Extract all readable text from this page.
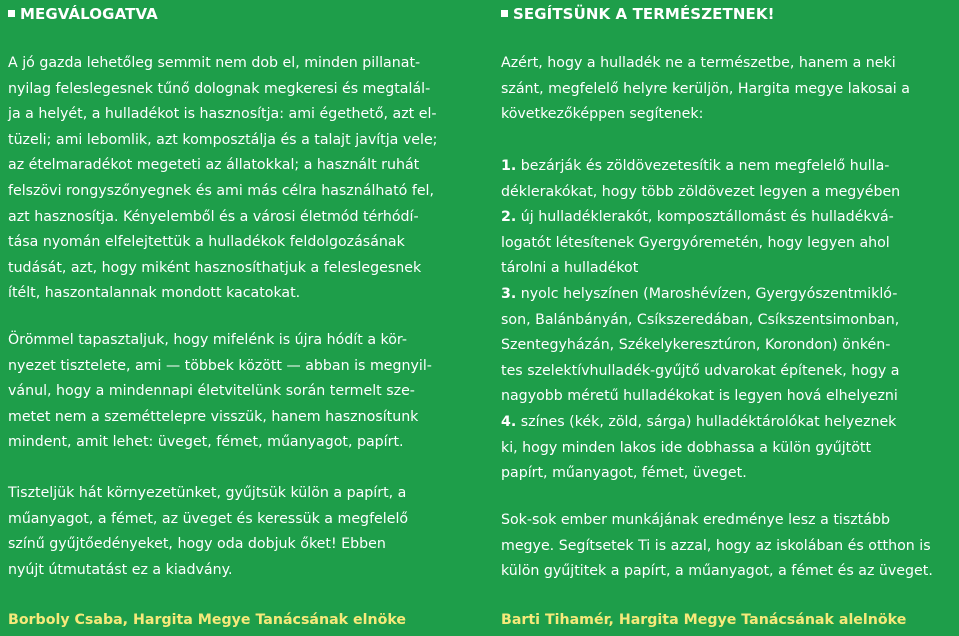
MEGVÁLOGATVA
A jó gazda lehetőleg semmit nem dob el, minden pillanat-
nyilag feleslegesnek tűnő dolognak megkeresi és megtalál-
ja a helyét, a hulladékot is hasznosítja: ami égethető, azt el-
tüzeli; ami lebomlik, azt komposztálja és a talajt javítja vele;
az ételmaradékot megeteti az állatokkal; a használt ruhát
felszövi rongyszőnyegnek és ami más célra használható fel,
azt hasznosítja. Kényelemből és a városi életmód térhódí-
tása nyomán elfelejtettük a hulladékok feldolgozásának
tudását, azt, hogy miként hasznosíthatjuk a feleslegesnek
ítélt, haszontalannak mondott kacatokat.
Örömmel tapasztaljuk, hogy mifelénk is újra hódít a kör-
nyezet tisztelete, ami — többek között — abban is megnyil-
vánul, hogy a mindennapi életvitelünk során termelt sze-
metet nem a szeméttelepre visszük, hanem hasznosítunk
mindent, amit lehet: üveget, fémet, műanyagot, papírt.
Tiszteljük hát környezetünket, gyűjtsük külön a papírt, a
műanyagot, a fémet, az üveget és keressük a megfelelő
színű gyűjtőedényeket, hogy oda dobjuk őket! Ebben
nyújt útmutatást ez a kiadvány.
Borboly Csaba, Hargita Megye Tanácsának elnöke
SEGÍTSÜNK A TERMÉSZETNEK!
Azért, hogy a hulladék ne a természetbe, hanem a neki
szánt, megfelelő helyre kerüljön, Hargita megye lakosai a
következőképpen segítenek:
1. bezárják és zöldövezetesítik a nem megfelelő hulla-
déklerakókat, hogy több zöldövezet legyen a megyében
2. új hulladéklerakót, komposztállomást és hulladékvá-
logatót létesítenek Gyergyóremetén, hogy legyen ahol
tárolni a hulladékot
3. nyolc helyszínen (Maroshévízen, Gyergyószentmikló-
son, Balánbányán, Csíkszeredában, Csíkszentsimonban,
Szentegyházán, Székelykeresztúron, Korondon) önkén-
tes szelektívhulladék-gyűjtő udvarokat építenek, hogy a
nagyobb méretű hulladékokat is legyen hová elhelyezni
4. színes (kék, zöld, sárga) hulladéktárolókat helyeznek
ki, hogy minden lakos ide dobhassa a külön gyűjtött
papírt, műanyagot, fémet, üveget.
Sok-sok ember munkájának eredménye lesz a tisztább
megye. Segítsetek Ti is azzal, hogy az iskolában és otthon is
külön gyűjtitek a papírt, a műanyagot, a fémet és az üveget.
Barti Tihamér, Hargita Megye Tanácsának alelnöke
